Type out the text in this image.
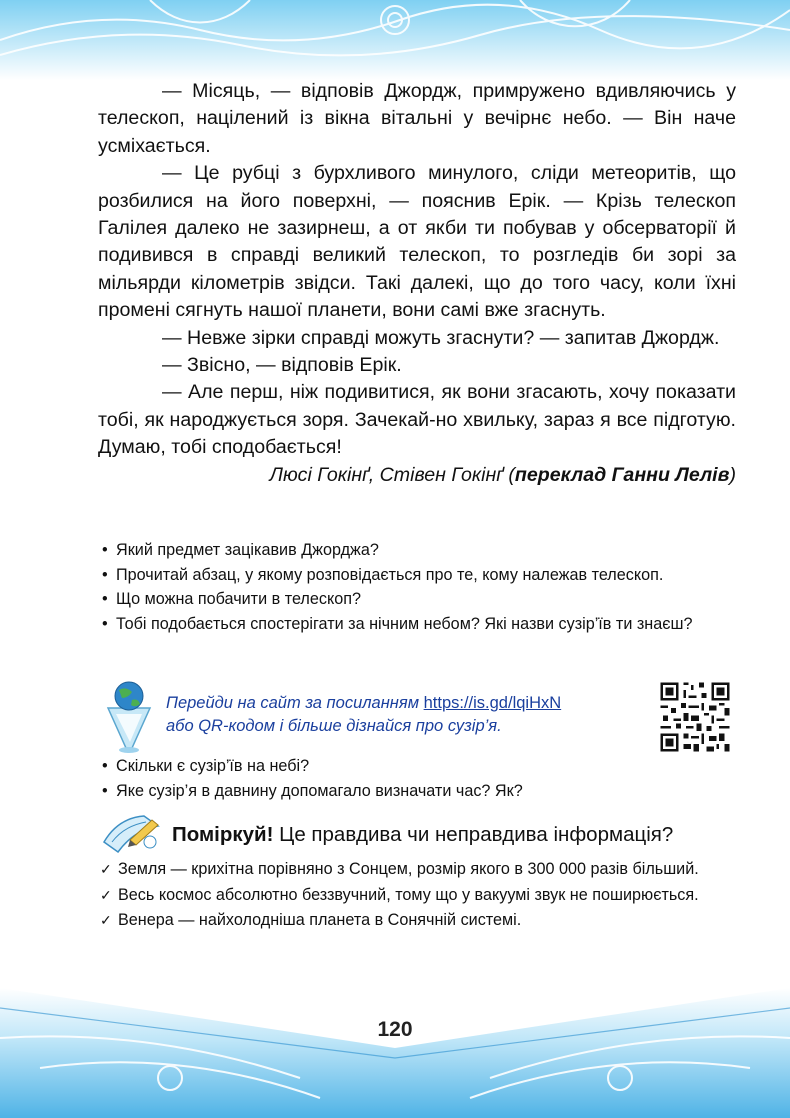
— Місяць, — відповів Джордж, примружено вдивляючись у телескоп, націлений із вікна вітальні у вечірнє небо. — Він наче усміхається.

— Це рубці з бурхливого минулого, сліди метеоритів, що розбилися на його поверхні, — пояснив Ерік. — Крізь телескоп Галілея далеко не зазирнеш, а от якби ти побував у обсерваторії й подивився в справді великий телескоп, то розгледів би зорі за мільярди кілометрів звідси. Такі далекі, що до того часу, коли їхні промені сягнуть нашої планети, вони самі вже згаснуть.

— Невже зірки справді можуть згаснути? — запитав Джордж.

— Звісно, — відповів Ерік.

— Але перш, ніж подивитися, як вони згасають, хочу показати тобі, як народжується зоря. Зачекай-но хвильку, зараз я все підготую. Думаю, тобі сподобається!

Люсі Гокінґ, Стівен Гокінґ (переклад Ганни Лелів)
• Який предмет зацікавив Джорджа?
• Прочитай абзац, у якому розповідається про те, кому належав телескоп.
• Що можна побачити в телескоп?
• Тобі подобається спостерігати за нічним небом? Які назви сузір’їв ти знаєш?
Перейди на сайт за посиланням https://is.gd/lqiHxN
або QR-кодом і більше дізнайся про сузір’я.
• Скільки є сузір’їв на небі?
• Яке сузір’я в давнину допомагало визначати час? Як?
Поміркуй! Це правдива чи неправдива інформація?
✓ Земля — крихітна порівняно з Сонцем, розмір якого в 300 000 разів більший.
✓ Весь космос абсолютно беззвучний, тому що у вакуумі звук не поширюється.
✓ Венера — найхолодніша планета в Сонячній системі.
120
